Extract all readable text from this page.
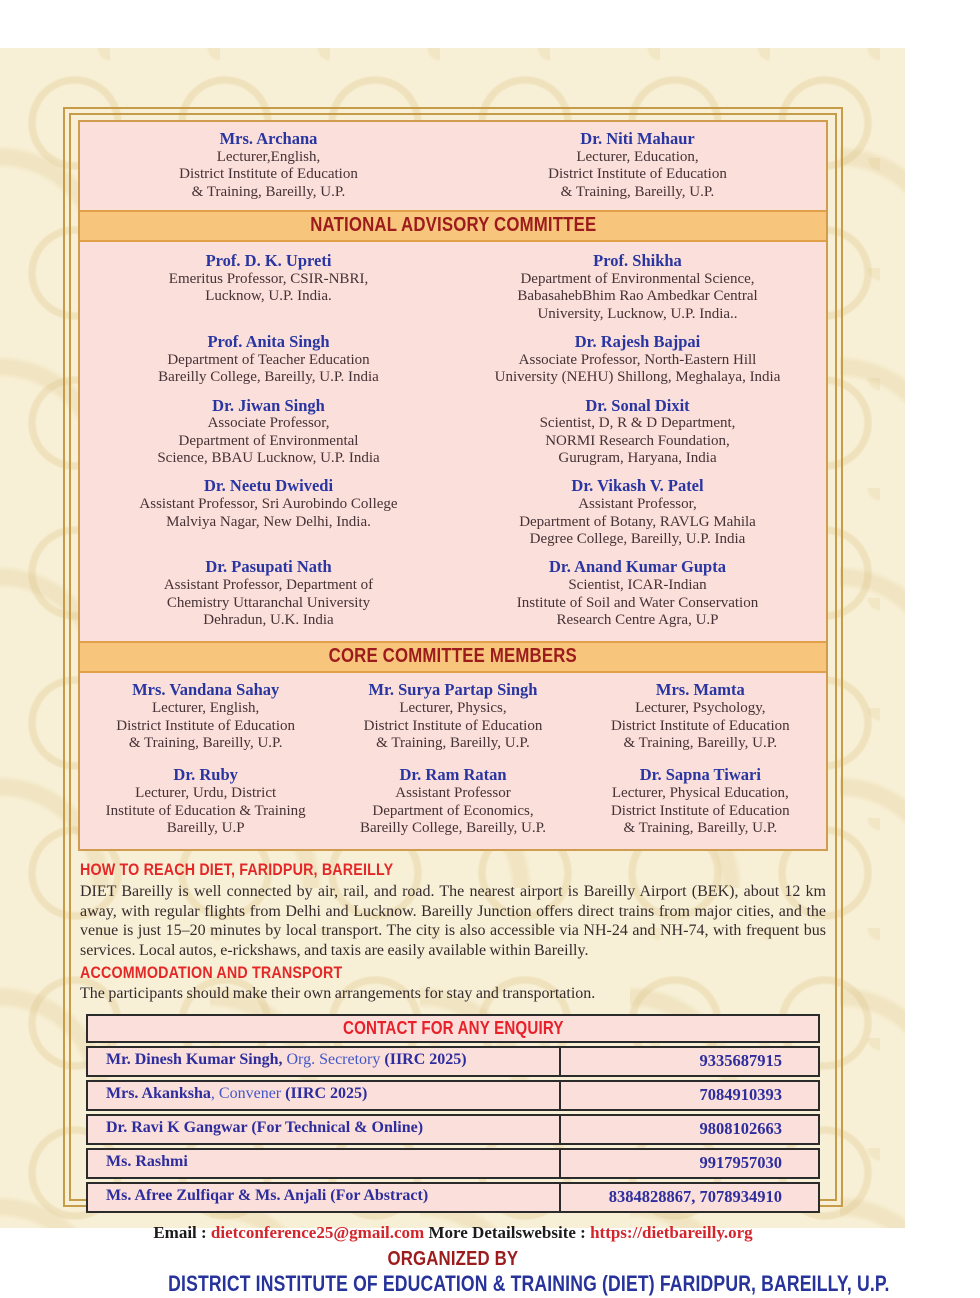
Mrs. Archana
Lecturer,English,
District Institute of Education
& Training, Bareilly, U.P.
Dr. Niti Mahaur
Lecturer, Education,
District Institute of Education
& Training, Bareilly, U.P.
NATIONAL ADVISORY COMMITTEE
Prof. D. K. Upreti
Emeritus Professor, CSIR-NBRI,
Lucknow, U.P. India.
Prof. Shikha
Department of Environmental Science,
BabasahebBhim Rao Ambedkar Central
University, Lucknow, U.P. India..
Prof. Anita Singh
Department of Teacher Education
Bareilly College, Bareilly, U.P. India
Dr. Rajesh Bajpai
Associate Professor, North-Eastern Hill
University (NEHU) Shillong, Meghalaya, India
Dr. Jiwan Singh
Associate Professor,
Department of Environmental
Science, BBAU Lucknow, U.P. India
Dr. Sonal Dixit
Scientist, D, R & D Department,
NORMI Research Foundation,
Gurugram, Haryana, India
Dr. Neetu Dwivedi
Assistant Professor, Sri Aurobindo College
Malviya Nagar, New Delhi, India.
Dr. Vikash V. Patel
Assistant Professor,
Department of Botany, RAVLG Mahila
Degree College, Bareilly, U.P. India
Dr. Pasupati Nath
Assistant Professor, Department of
Chemistry Uttaranchal University
Dehradun, U.K. India
Dr. Anand Kumar Gupta
Scientist, ICAR-Indian
Institute of Soil and Water Conservation
Research Centre Agra, U.P
CORE COMMITTEE MEMBERS
Mrs. Vandana Sahay
Lecturer, English,
District Institute of Education
& Training, Bareilly, U.P.
Mr. Surya Partap Singh
Lecturer, Physics,
District Institute of Education
& Training, Bareilly, U.P.
Mrs. Mamta
Lecturer, Psychology,
District Institute of Education
& Training, Bareilly, U.P.
Dr. Ruby
Lecturer, Urdu, District
Institute of Education & Training
Bareilly, U.P
Dr. Ram Ratan
Assistant Professor
Department of Economics,
Bareilly College, Bareilly, U.P.
Dr. Sapna Tiwari
Lecturer, Physical Education,
District Institute of Education
& Training, Bareilly, U.P.
HOW TO REACH DIET, FARIDPUR, BAREILLY

DIET Bareilly is well connected by air, rail, and road. The nearest airport is Bareilly Airport (BEK), about 12 km away, with regular flights from Delhi and Lucknow. Bareilly Junction offers direct trains from major cities, and the venue is just 15–20 minutes by local transport. The city is also accessible via NH-24 and NH-74, with frequent bus services. Local autos, e-rickshaws, and taxis are easily available within Bareilly.

ACCOMMODATION AND TRANSPORT

The participants should make their own arrangements for stay and transportation.

CONTACT FOR ANY ENQUIRY
Mr. Dinesh Kumar Singh, Org. Secretory (IIRC 2025)	9335687915
Mrs. Akanksha, Convener (IIRC 2025)	7084910393
Dr. Ravi K Gangwar (For Technical & Online)	9808102663
Ms. Rashmi	9917957030
Ms. Afree Zulfiqar & Ms. Anjali (For Abstract)	8384828867, 7078934910
Email : dietconference25@gmail.com More Detailswebsite : https://dietbareilly.org
ORGANIZED BY
DISTRICT INSTITUTE OF EDUCATION & TRAINING (DIET) FARIDPUR, BAREILLY, U.P.
